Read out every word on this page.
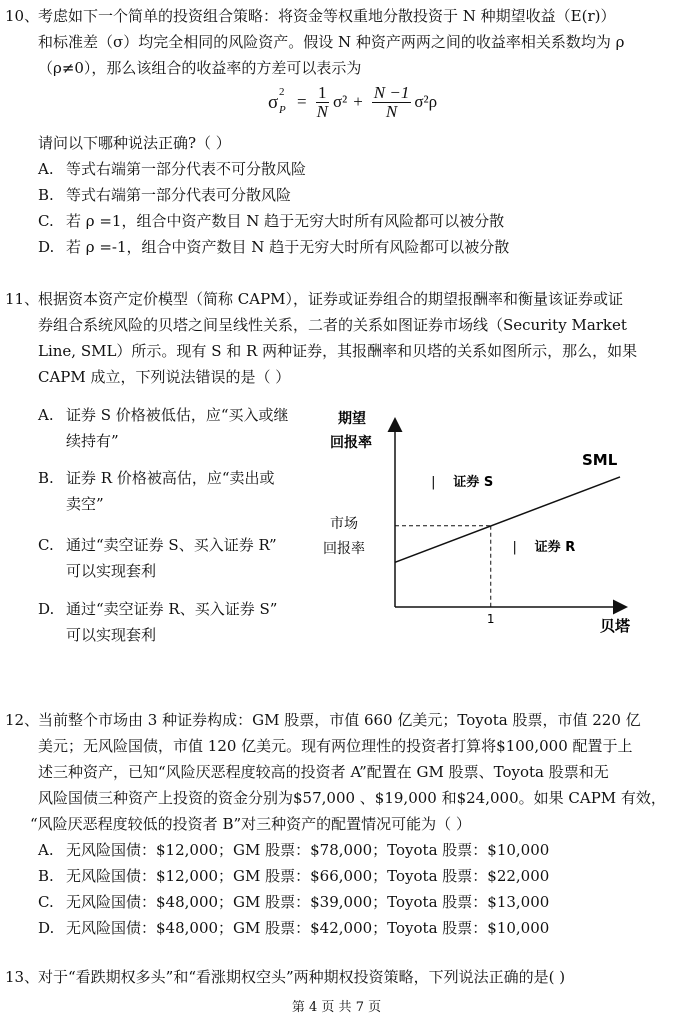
10、
考虑如下一个简单的投资组合策略：将资金等权重地分散投资于 N 种期望收益（E(r)）
和标准差（σ）均完全相同的风险资产。假设 N 种资产两两之间的收益率相关系数均为 ρ
（ρ≠0），那么该组合的收益率的方差可以表示为
σ 2
$P = \frac{1}{N} \sigma^2 + \frac{N -1}{N} \sigma^2\rho$
请问以下哪种说法正确?（ ）
A. 等式右端第一部分代表不可分散风险
B. 等式右端第一部分代表可分散风险
C. 若 ρ =1，组合中资产数目 N 趋于无穷大时所有风险都可以被分散
D. 若 ρ =-1，组合中资产数目 N 趋于无穷大时所有风险都可以被分散
11、
根据资本资产定价模型（简称 CAPM），证券或证券组合的期望报酬率和衡量该证券或证
券组合系统风险的贝塔之间呈线性关系，二者的关系如图证券市场线（Security Market
Line, SML）所示。现有 S 和 R 两种证券，其报酬率和贝塔的关系如图所示，那么，如果
CAPM 成立，下列说法错误的是（ ）
A. 证券 S 价格被低估，应“买入或继
续持有”
B. 证券 R 价格被高估，应“卖出或
卖空”
C. 通过“卖空证券 S、买入证券 R”
可以实现套利
D. 通过“卖空证券 R、买入证券 S”
可以实现套利
期望
回报率
贝塔
市场
回报率
1
SML
| 证券 S
| 证券 R
12、
当前整个市场由 3 种证券构成：GM 股票，市值 660 亿美元；Toyota 股票，市值 220 亿
美元；无风险国债，市值 120 亿美元。现有两位理性的投资者打算将$100,000 配置于上
述三种资产，已知“风险厌恶程度较高的投资者 A”配置在 GM 股票、Toyota 股票和无
风险国债三种资产上投资的资金分别为$57,000 、$19,000 和$24,000。如果 CAPM 有效，
“风险厌恶程度较低的投资者 B”对三种资产的配置情况可能为（ ）
A. 无风险国债：$12,000；GM 股票：$78,000；Toyota 股票：$10,000
B. 无风险国债：$12,000；GM 股票：$66,000；Toyota 股票：$22,000
C. 无风险国债：$48,000；GM 股票：$39,000；Toyota 股票：$13,000
D. 无风险国债：$48,000；GM 股票：$42,000；Toyota 股票：$10,000
13、
对于“看跌期权多头”和“看涨期权空头”两种期权投资策略，下列说法正确的是( )
第 4 页 共 7 页
